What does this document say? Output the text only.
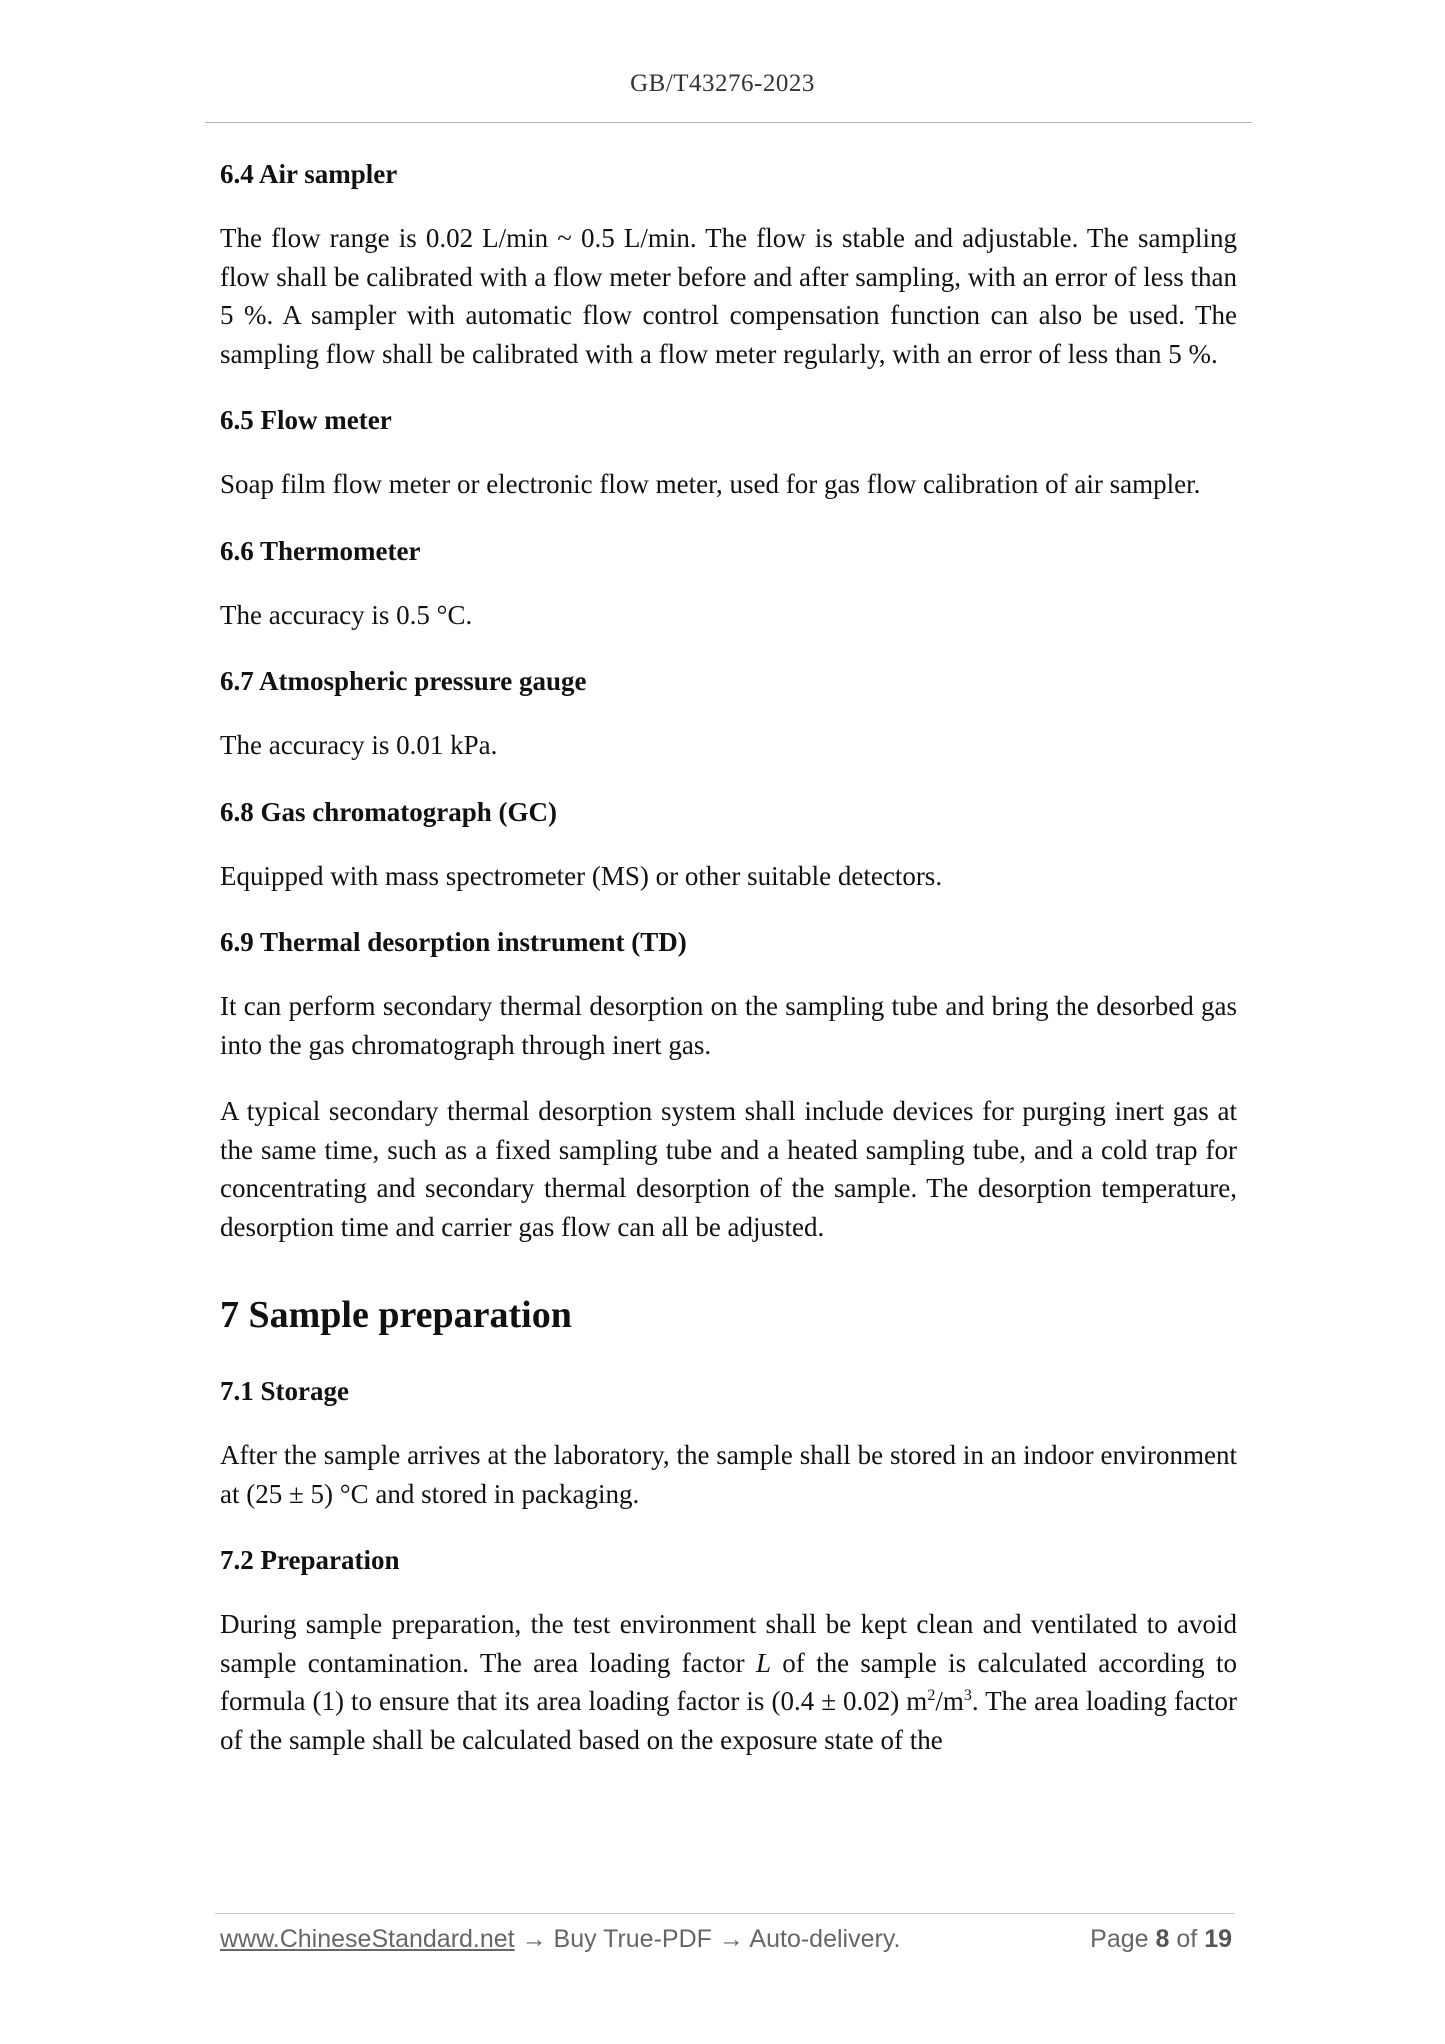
GB/T43276-2023
6.4 Air sampler

The flow range is 0.02 L/min ~ 0.5 L/min. The flow is stable and adjustable. The sampling flow shall be calibrated with a flow meter before and after sampling, with an error of less than 5 %. A sampler with automatic flow control compensation function can also be used. The sampling flow shall be calibrated with a flow meter regularly, with an error of less than 5 %.

6.5 Flow meter

Soap film flow meter or electronic flow meter, used for gas flow calibration of air sampler.

6.6 Thermometer

The accuracy is 0.5 °C.

6.7 Atmospheric pressure gauge

The accuracy is 0.01 kPa.

6.8 Gas chromatograph (GC)

Equipped with mass spectrometer (MS) or other suitable detectors.

6.9 Thermal desorption instrument (TD)

It can perform secondary thermal desorption on the sampling tube and bring the desorbed gas into the gas chromatograph through inert gas.

A typical secondary thermal desorption system shall include devices for purging inert gas at the same time, such as a fixed sampling tube and a heated sampling tube, and a cold trap for concentrating and secondary thermal desorption of the sample. The desorption temperature, desorption time and carrier gas flow can all be adjusted.

7 Sample preparation
7.1 Storage

After the sample arrives at the laboratory, the sample shall be stored in an indoor environment at (25 ± 5) °C and stored in packaging.

7.2 Preparation

During sample preparation, the test environment shall be kept clean and ventilated to avoid sample contamination. The area loading factor L of the sample is calculated according to formula (1) to ensure that its area loading factor is (0.4 ± 0.02) $m^2/m^3$. The area loading factor of the sample shall be calculated based on the exposure state of the

www.ChineseStandard.net → Buy True-PDF → Auto-delivery.	Page 8 of 19
